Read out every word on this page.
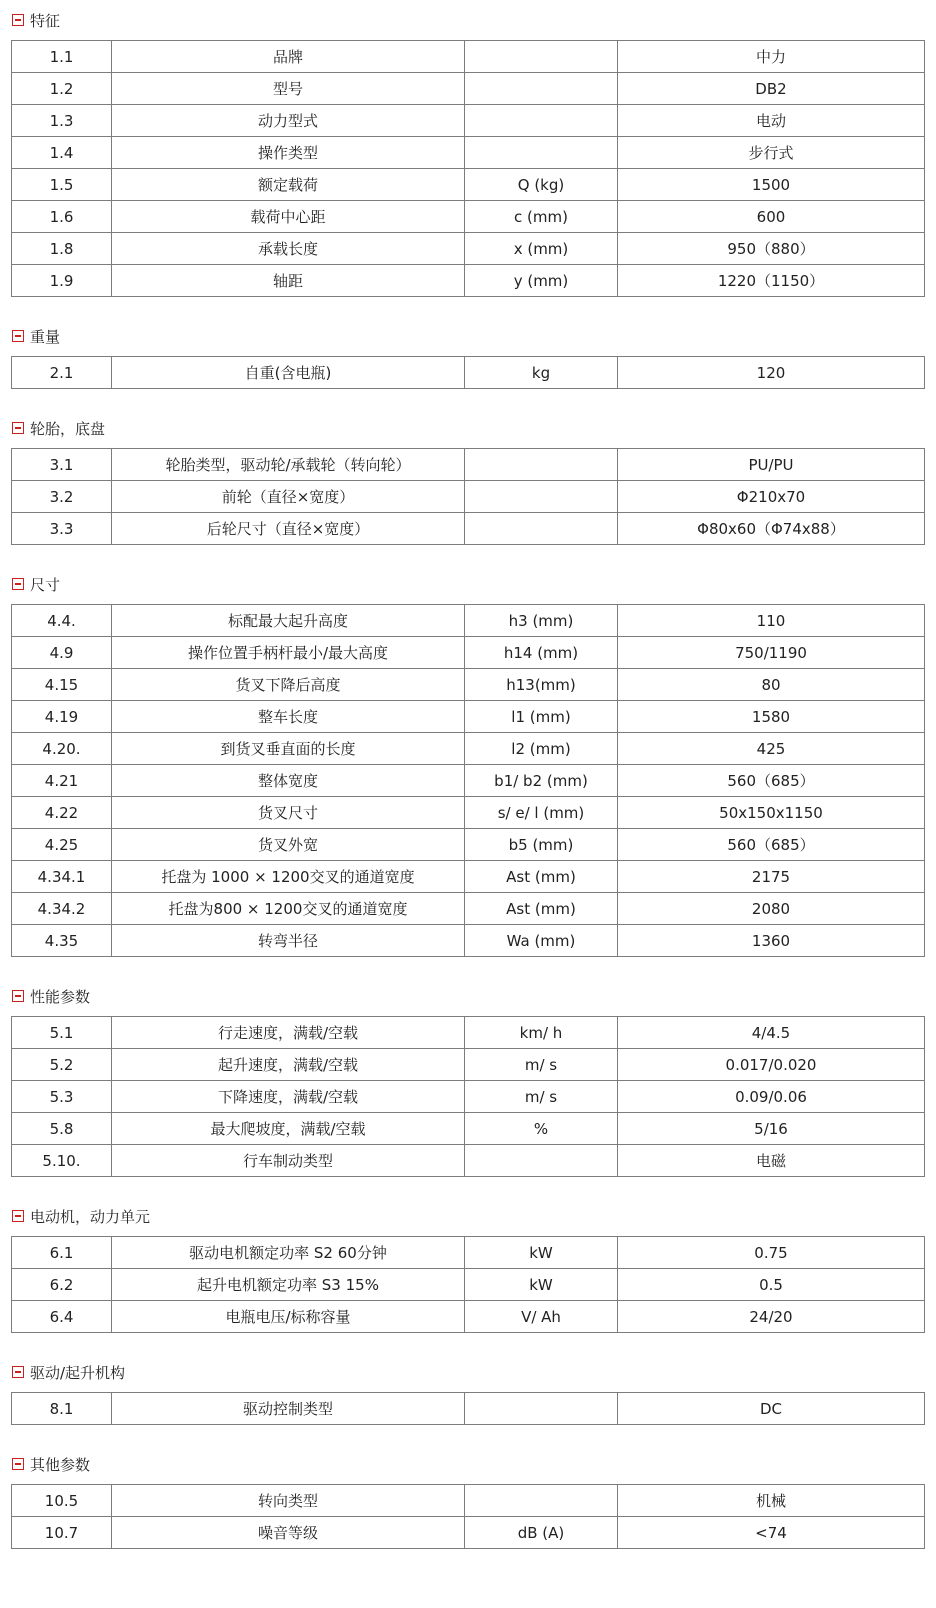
特征
1.1	品牌		中力
1.2	型号		DB2
1.3	动力型式		电动
1.4	操作类型		步行式
1.5	额定载荷	Q (kg)	1500
1.6	载荷中心距	c (mm)	600
1.8	承载长度	x (mm)	950（880）
1.9	轴距	y (mm)	1220（1150）
重量
2.1	自重(含电瓶)	kg	120
轮胎，底盘
3.1	轮胎类型，驱动轮/承载轮（转向轮）		PU/PU
3.2	前轮（直径×宽度）		Φ210x70
3.3	后轮尺寸（直径×宽度）		Φ80x60（Φ74x88）
尺寸
4.4.	标配最大起升高度	h3 (mm)	110
4.9	操作位置手柄杆最小/最大高度	h14 (mm)	750/1190
4.15	货叉下降后高度	h13(mm)	80
4.19	整车长度	l1 (mm)	1580
4.20.	到货叉垂直面的长度	l2 (mm)	425
4.21	整体宽度	b1/ b2 (mm)	560（685）
4.22	货叉尺寸	s/ e/ l (mm)	50x150x1150
4.25	货叉外宽	b5 (mm)	560（685）
4.34.1	托盘为 1000 × 1200交叉的通道宽度	Ast (mm)	2175
4.34.2	托盘为800 × 1200交叉的通道宽度	Ast (mm)	2080
4.35	转弯半径	Wa (mm)	1360
性能参数
5.1	行走速度，满载/空载	km/ h	4/4.5
5.2	起升速度，满载/空载	m/ s	0.017/0.020
5.3	下降速度，满载/空载	m/ s	0.09/0.06
5.8	最大爬坡度，满载/空载	%	5/16
5.10.	行车制动类型		电磁
电动机，动力单元
6.1	驱动电机额定功率 S2 60分钟	kW	0.75
6.2	起升电机额定功率 S3 15%	kW	0.5
6.4	电瓶电压/标称容量	V/ Ah	24/20
驱动/起升机构
8.1	驱动控制类型		DC
其他参数
10.5	转向类型		机械
10.7	噪音等级	dB (A)	<74
